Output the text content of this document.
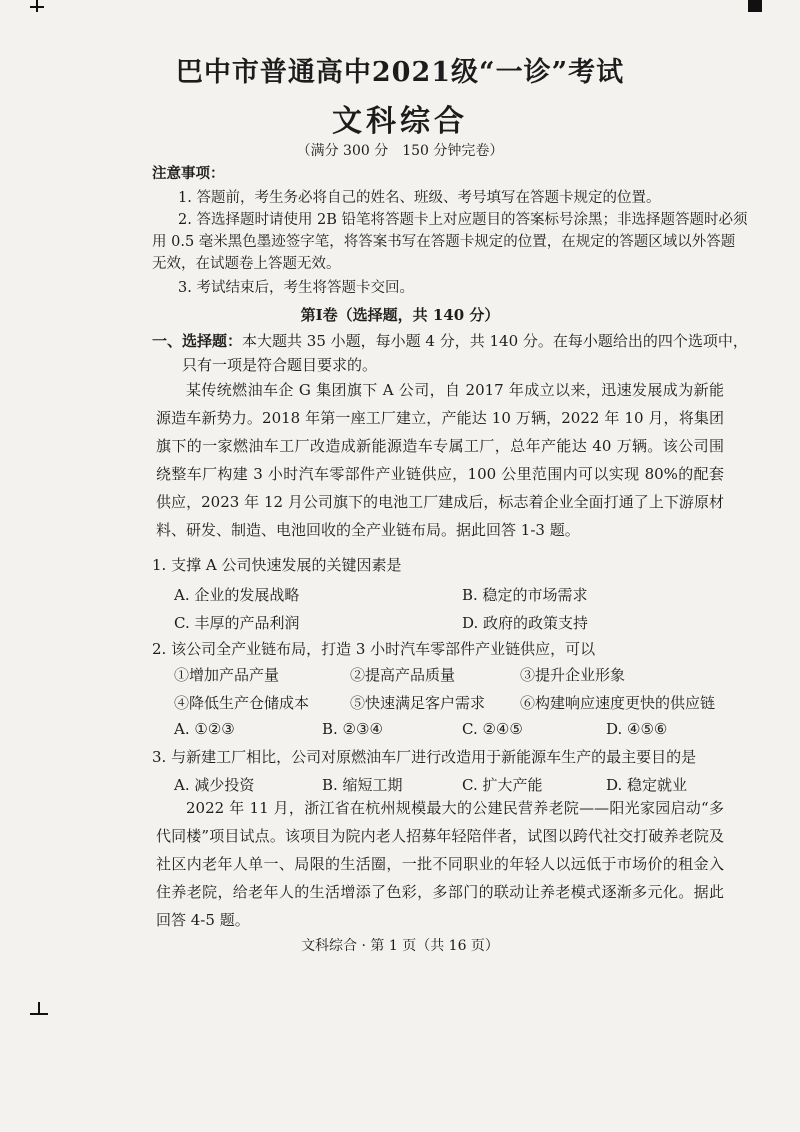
巴中市普通高中2021级“一诊”考试
文科综合
（满分 300 分　150 分钟完卷）
注意事项：
1. 答题前，考生务必将自己的姓名、班级、考号填写在答题卡规定的位置。
2. 答选择题时请使用 2B 铅笔将答题卡上对应题目的答案标号涂黑；非选择题答题时必须
用 0.5 毫米黑色墨迹签字笔，将答案书写在答题卡规定的位置，在规定的答题区域以外答题
无效，在试题卷上答题无效。
3. 考试结束后，考生将答题卡交回。
第Ⅰ卷（选择题，共 140 分）
一、选择题：本大题共 35 小题，每小题 4 分，共 140 分。在每小题给出的四个选项中，
只有一项是符合题目要求的。
某传统燃油车企 G 集团旗下 A 公司，自 2017 年成立以来，迅速发展成为新能源造车新势力。2018 年第一座工厂建立，产能达 10 万辆，2022 年 10 月，将集团旗下的一家燃油车工厂改造成新能源造车专属工厂，总年产能达 40 万辆。该公司围绕整车厂构建 3 小时汽车零部件产业链供应，100 公里范围内可以实现 80%的配套供应，2023 年 12 月公司旗下的电池工厂建成后，标志着企业全面打通了上下游原材料、研发、制造、电池回收的全产业链布局。据此回答 1-3 题。
1. 支撑 A 公司快速发展的关键因素是
A. 企业的发展战略	B. 稳定的市场需求
C. 丰厚的产品利润	D. 政府的政策支持
2. 该公司全产业链布局，打造 3 小时汽车零部件产业链供应，可以
①增加产品产量	②提高产品质量	③提升企业形象
④降低生产仓储成本	⑤快速满足客户需求 ⑥构建响应速度更快的供应链
A. ①②③	B. ②③④	C. ②④⑤	D. ④⑤⑥
3. 与新建工厂相比，公司对原燃油车厂进行改造用于新能源车生产的最主要目的是
A. 减少投资	B. 缩短工期	C. 扩大产能	D. 稳定就业
2022 年 11 月，浙江省在杭州规模最大的公建民营养老院——阳光家园启动“多代同楼”项目试点。该项目为院内老人招募年轻陪伴者，试图以跨代社交打破养老院及社区内老年人单一、局限的生活圈，一批不同职业的年轻人以远低于市场价的租金入住养老院，给老年人的生活增添了色彩，多部门的联动让养老模式逐渐多元化。据此回答 4-5 题。
文科综合 · 第 1 页（共 16 页）
